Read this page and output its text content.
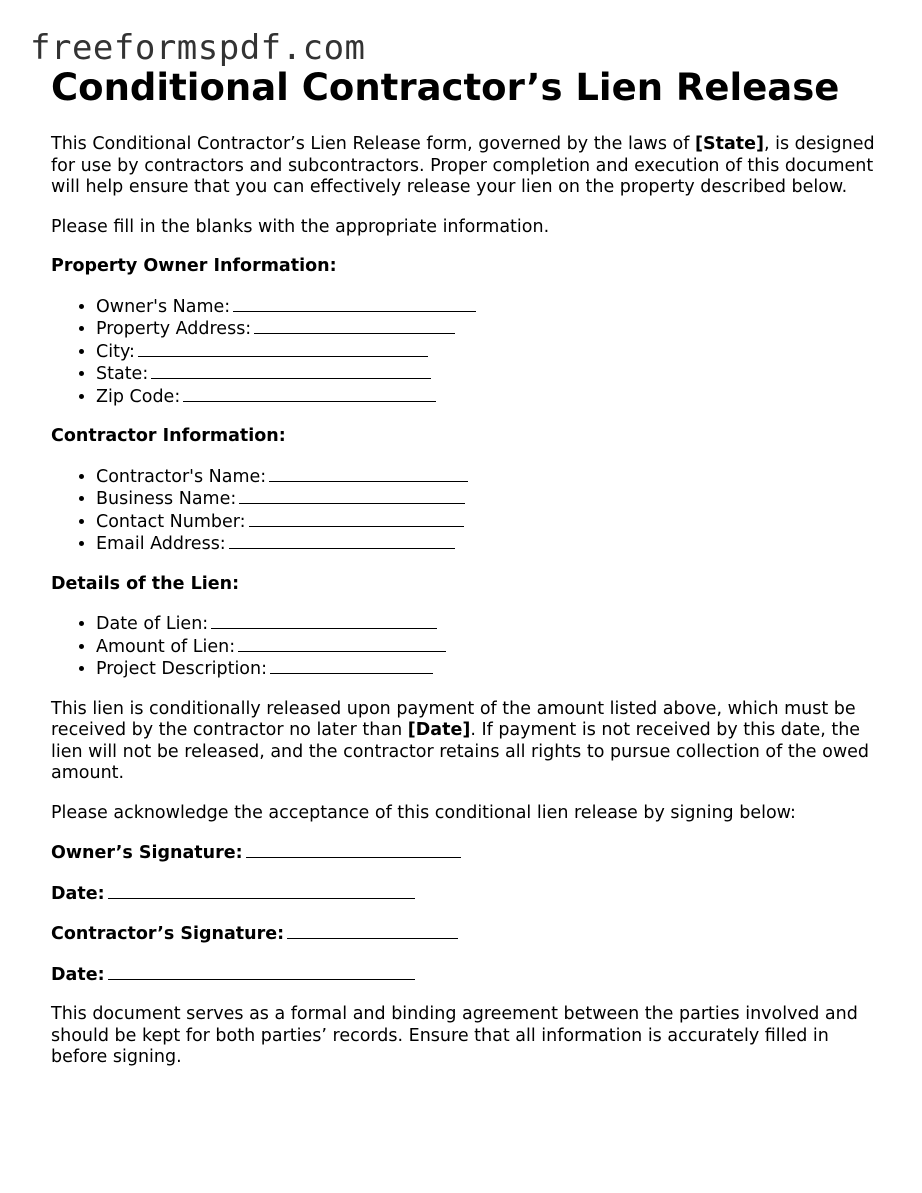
freeformspdf.com
Conditional Contractor’s Lien Release

This Conditional Contractor’s Lien Release form, governed by the laws of [State], is designed for use by contractors and subcontractors. Proper completion and execution of this document will help ensure that you can effectively release your lien on the property described below.

Please fill in the blanks with the appropriate information.

Property Owner Information:
• Owner's Name:
• Property Address:
• City:
• State:
• Zip Code:
Contractor Information:
• Contractor's Name:
• Business Name:
• Contact Number:
• Email Address:
Details of the Lien:
• Date of Lien:
• Amount of Lien:
• Project Description:

This lien is conditionally released upon payment of the amount listed above, which must be received by the contractor no later than [Date]. If payment is not received by this date, the lien will not be released, and the contractor retains all rights to pursue collection of the owed amount.

Please acknowledge the acceptance of this conditional lien release by signing below:

Owner’s Signature:
Date:
Contractor’s Signature:
Date:

This document serves as a formal and binding agreement between the parties involved and should be kept for both parties’ records. Ensure that all information is accurately filled in before signing.
